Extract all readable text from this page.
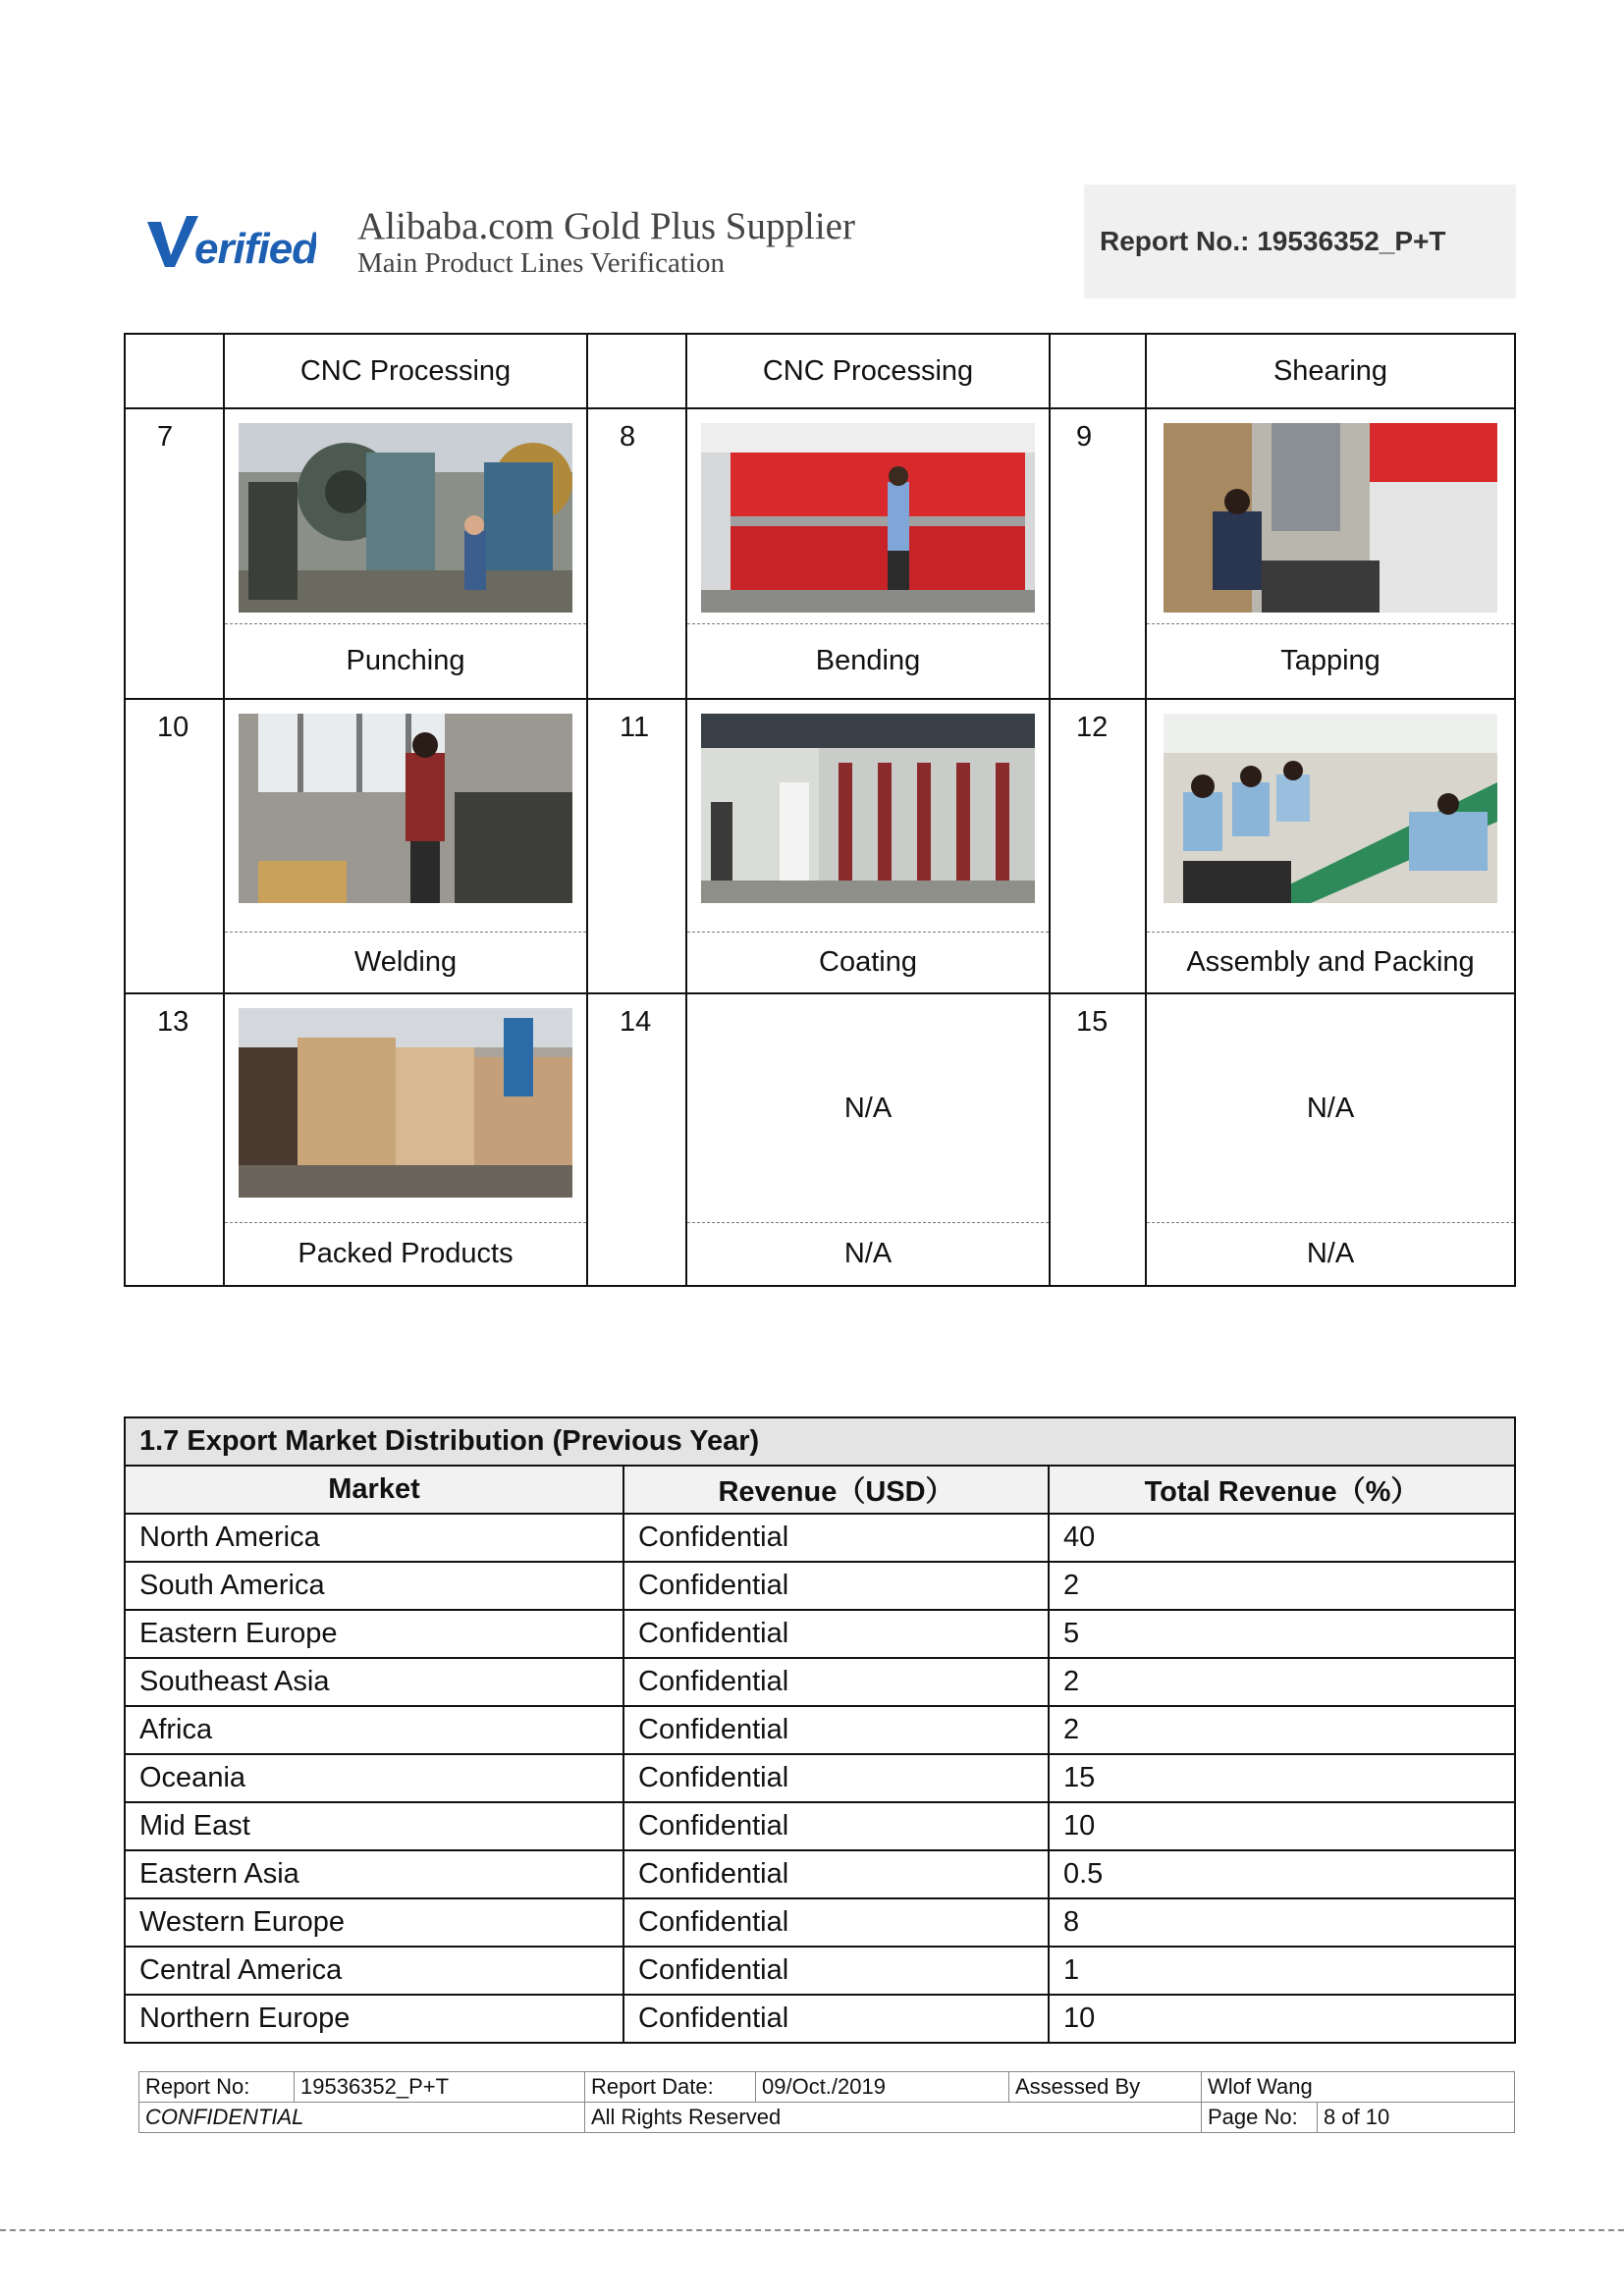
erified Alibaba.com Gold Plus Supplier
Main Product Lines Verification
Report No.: 19536352_P+T
	CNC Processing		CNC Processing		Shearing
7		8		9	

	Punching		Bending		Tapping
10		11		12	

	Welding		Coating		Assembly and Packing
13		14	N/A	15	N/A

	Packed Products		N/A		N/A
1.7 Export Market Distribution (Previous Year)		
Market	Revenue（USD）	Total Revenue（%）
North America	Confidential	40
South America	Confidential	2
Eastern Europe	Confidential	5
Southeast Asia	Confidential	2
Africa	Confidential	2
Oceania	Confidential	15
Mid East	Confidential	10
Eastern Asia	Confidential	0.5
Western Europe	Confidential	8
Central America	Confidential	1
Northern Europe	Confidential	10
Report No:	19536352_P+T	Report Date:	09/Oct./2019	Assessed By	Wlof Wang	
CONFIDENTIAL		All Rights Reserved			Page No:	8 of 10
